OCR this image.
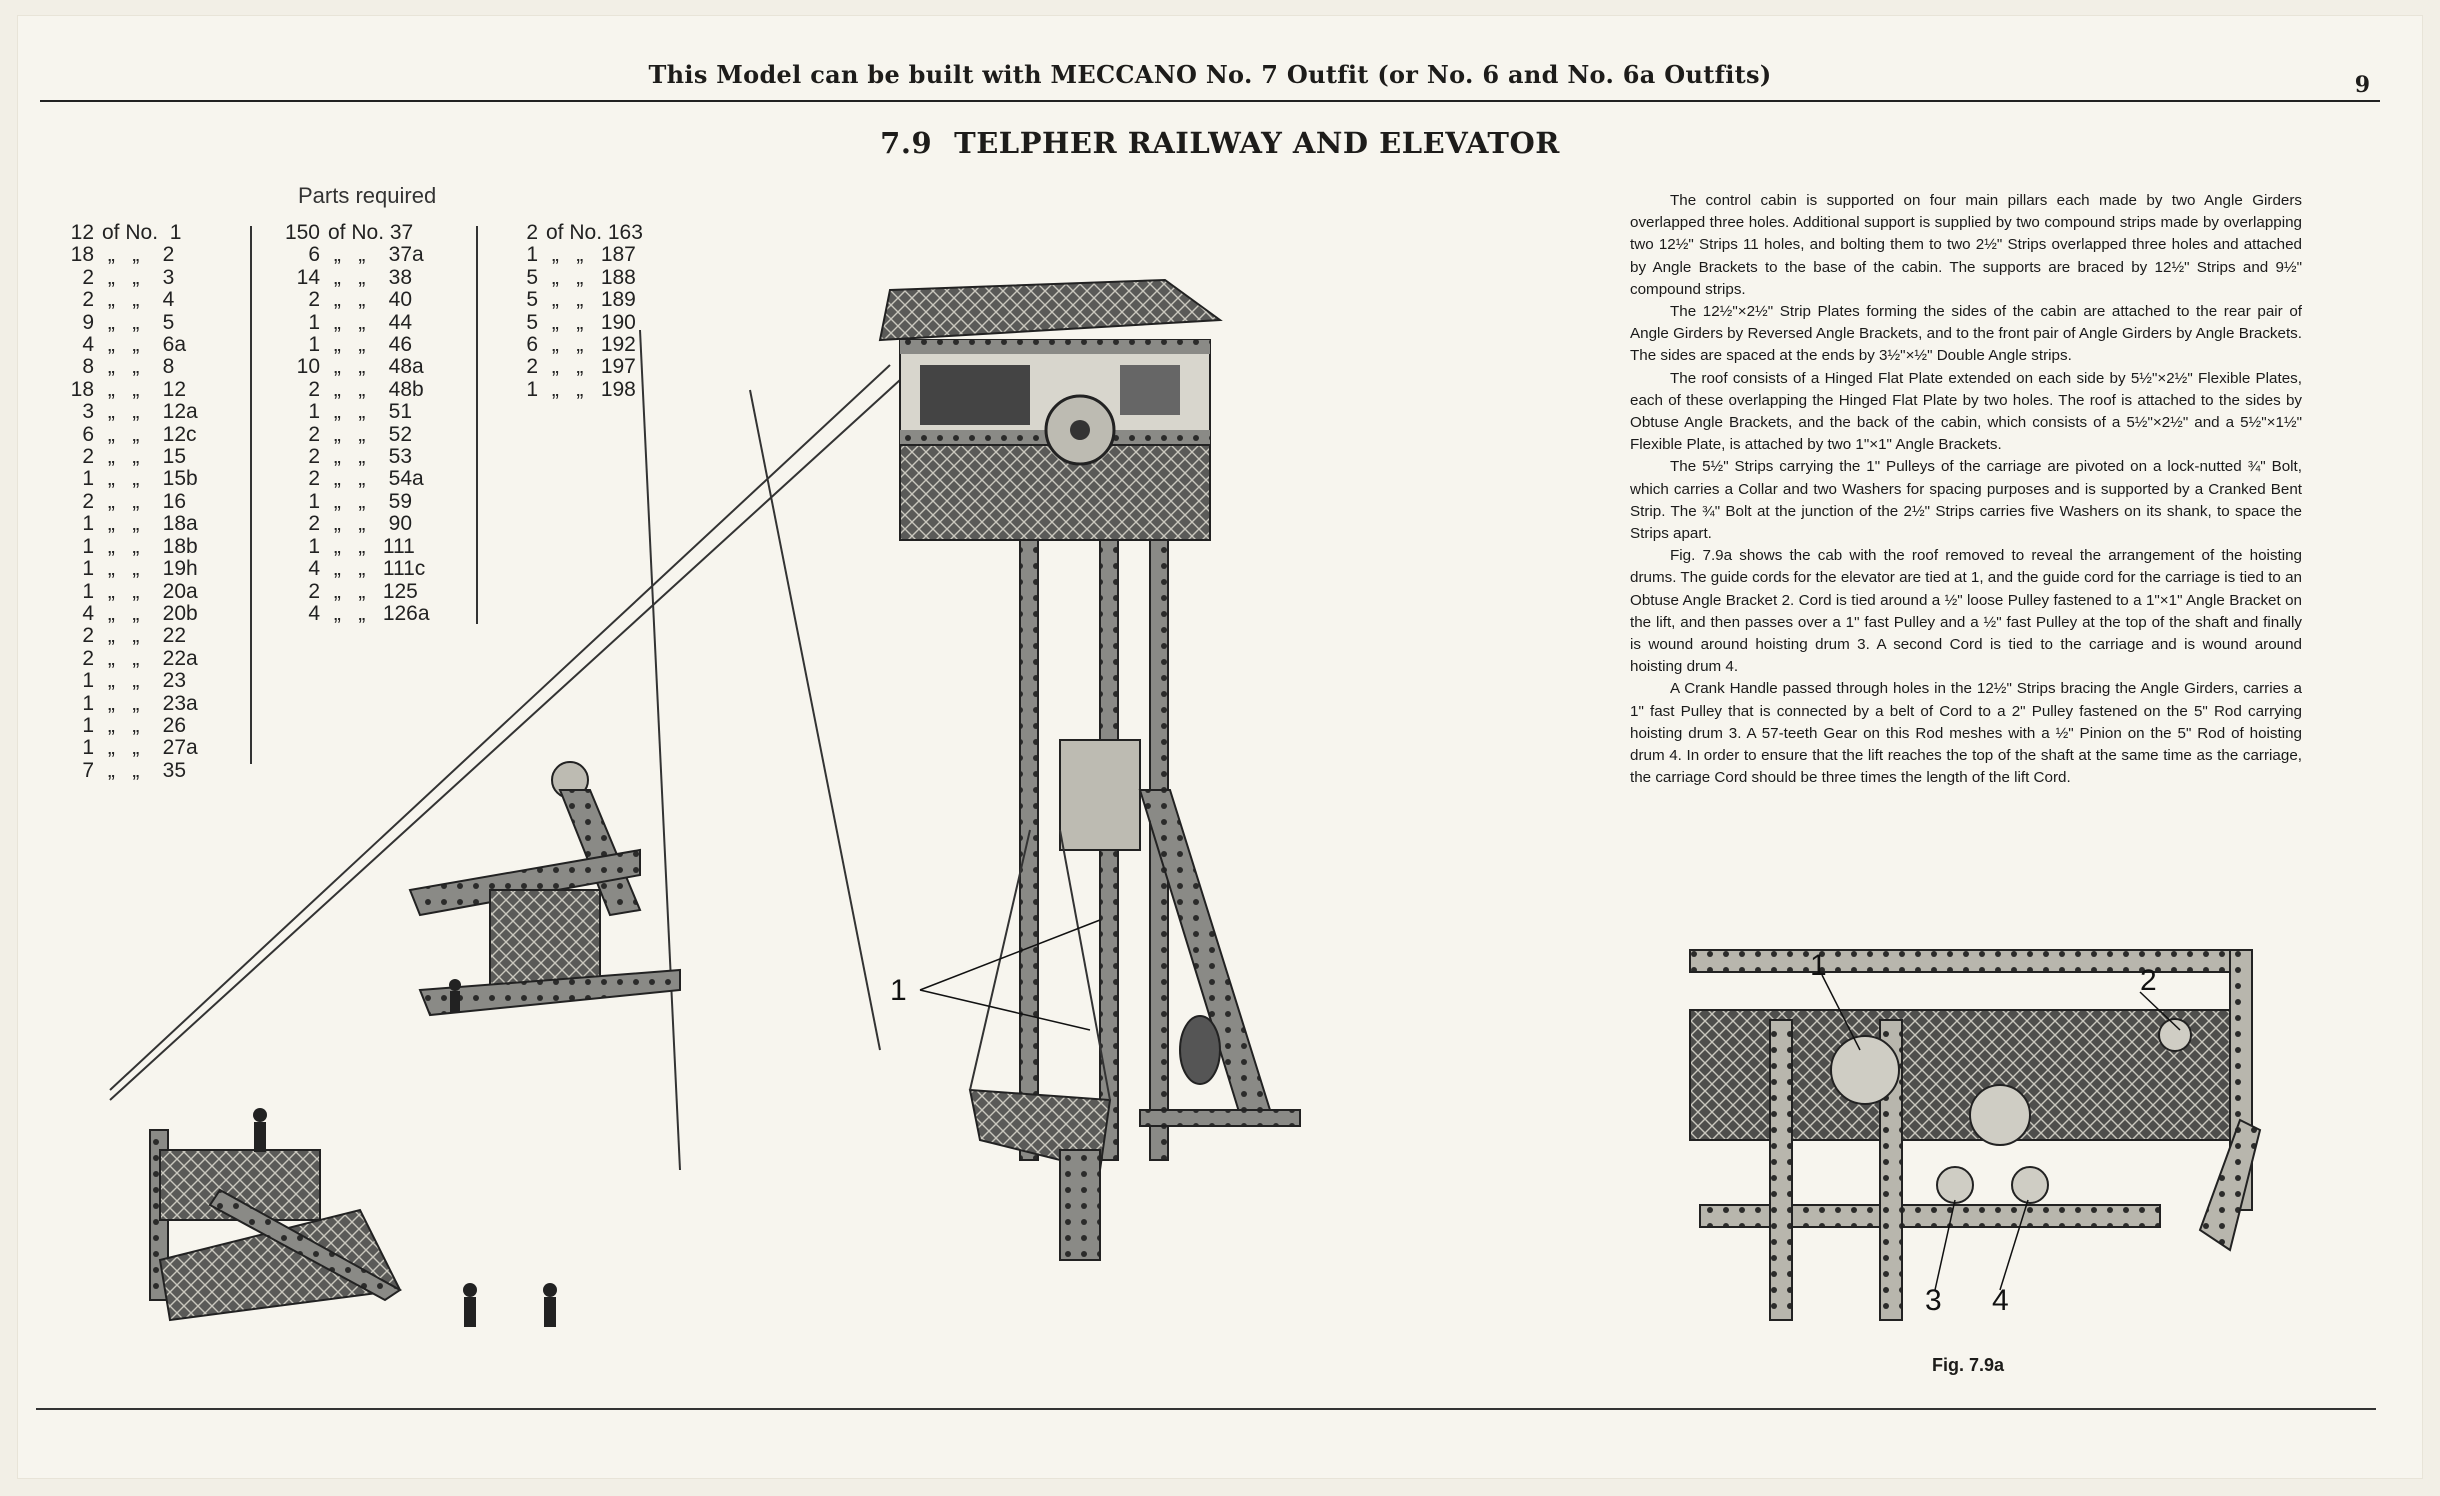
This Model can be built with MECCANO No. 7 Outfit (or No. 6 and No. 6a Outfits)	9
7.9 TELPHER RAILWAY AND ELEVATOR
Parts required
12 of No.  1
18 „   „    2
2 „   „    3
2 „   „    4
9 „   „    5
4 „   „    6a
8 „   „    8
18 „   „    12
3 „   „    12a
6 „   „    12c
2 „   „    15
1 „   „    15b
2 „   „    16
1 „   „    18a
1 „   „    18b
1 „   „    19h
1 „   „    20a
4 „   „    20b
2 „   „    22
2 „   „    22a
1 „   „    23
1 „   „    23a
1 „   „    26
1 „   „    27a
7 „   „    35
150 of No. 37
6 „   „    37a
14 „   „    38
2 „   „    40
1 „   „    44
1 „   „    46
10 „   „    48a
2 „   „    48b
1 „   „    51
2 „   „    52
2 „   „    53
2 „   „    54a
1 „   „    59
2 „   „    90
1 „   „   111
4 „   „   111c
2 „   „   125
4 „   „   126a
2 of No. 163
1 „   „   187
5 „   „   188
5 „   „   189
5 „   „   190
6 „   „   192
2 „   „   197
1 „   „   198

The control cabin is supported on four main pillars each made by two Angle Girders overlapped three holes. Additional support is supplied by two compound strips made by overlapping two 12½" Strips 11 holes, and bolting them to two 2½" Strips overlapped three holes and attached by Angle Brackets to the base of the cabin. The supports are braced by 12½" Strips and 9½" compound strips.

The 12½"×2½" Strip Plates forming the sides of the cabin are attached to the rear pair of Angle Girders by Reversed Angle Brackets, and to the front pair of Angle Girders by Angle Brackets. The sides are spaced at the ends by 3½"×½" Double Angle strips.

The roof consists of a Hinged Flat Plate extended on each side by 5½"×2½" Flexible Plates, each of these overlapping the Hinged Flat Plate by two holes. The roof is attached to the sides by Obtuse Angle Brackets, and the back of the cabin, which consists of a 5½"×2½" and a 5½"×1½" Flexible Plate, is attached by two 1"×1" Angle Brackets.

The 5½" Strips carrying the 1" Pulleys of the carriage are pivoted on a lock-nutted ¾" Bolt, which carries a Collar and two Washers for spacing purposes and is supported by a Cranked Bent Strip. The ¾" Bolt at the junction of the 2½" Strips carries five Washers on its shank, to space the Strips apart.

Fig. 7.9a shows the cab with the roof removed to reveal the arrangement of the hoisting drums. The guide cords for the elevator are tied at 1, and the guide cord for the carriage is tied to an Obtuse Angle Bracket 2. Cord is tied around a ½" loose Pulley fastened to a 1"×1" Angle Bracket on the lift, and then passes over a 1" fast Pulley and a ½" fast Pulley at the top of the shaft and finally is wound around hoisting drum 3. A second Cord is tied to the carriage and is wound around hoisting drum 4.

A Crank Handle passed through holes in the 12½" Strips bracing the Angle Girders, carries a 1" fast Pulley that is connected by a belt of Cord to a 2" Pulley fastened on the 5" Rod carrying hoisting drum 3. A 57-teeth Gear on this Rod meshes with a ½" Pinion on the 5" Rod of hoisting drum 4. In order to ensure that the lift reaches the top of the shaft at the same time as the carriage, the carriage Cord should be three times the length of the lift Cord.

1
1	2
3 4
Fig. 7.9a
